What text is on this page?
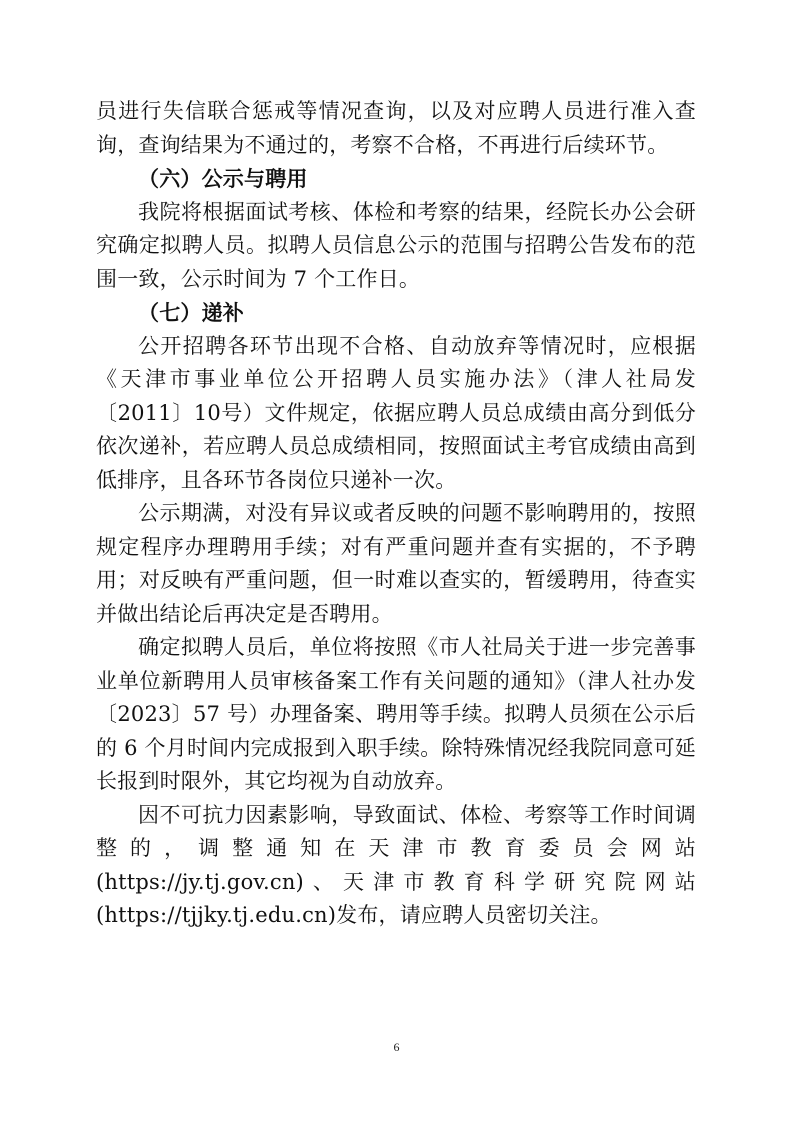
员进行失信联合惩戒等情况查询，以及对应聘人员进行准入查询，查询结果为不通过的，考察不合格，不再进行后续环节。

（六）公示与聘用

我院将根据面试考核、体检和考察的结果，经院长办公会研究确定拟聘人员。拟聘人员信息公示的范围与招聘公告发布的范围一致，公示时间为 7 个工作日。

（七）递补

公开招聘各环节出现不合格、自动放弃等情况时，应根据《天津市事业单位公开招聘人员实施办法》（津人社局发〔2011〕10号）文件规定，依据应聘人员总成绩由高分到低分依次递补，若应聘人员总成绩相同，按照面试主考官成绩由高到低排序，且各环节各岗位只递补一次。

公示期满，对没有异议或者反映的问题不影响聘用的，按照规定程序办理聘用手续；对有严重问题并查有实据的，不予聘用；对反映有严重问题，但一时难以查实的，暂缓聘用，待查实并做出结论后再决定是否聘用。

确定拟聘人员后，单位将按照《市人社局关于进一步完善事业单位新聘用人员审核备案工作有关问题的通知》（津人社办发〔2023〕57 号）办理备案、聘用等手续。拟聘人员须在公示后的 6 个月时间内完成报到入职手续。除特殊情况经我院同意可延长报到时限外，其它均视为自动放弃。

因不可抗力因素影响，导致面试、体检、考察等工作时间调整的，调整通知在天津市教育委员会网站(https://jy.tj.gov.cn)、天津市教育科学研究院网站(https://tjjky.tj.edu.cn)发布，请应聘人员密切关注。

6
